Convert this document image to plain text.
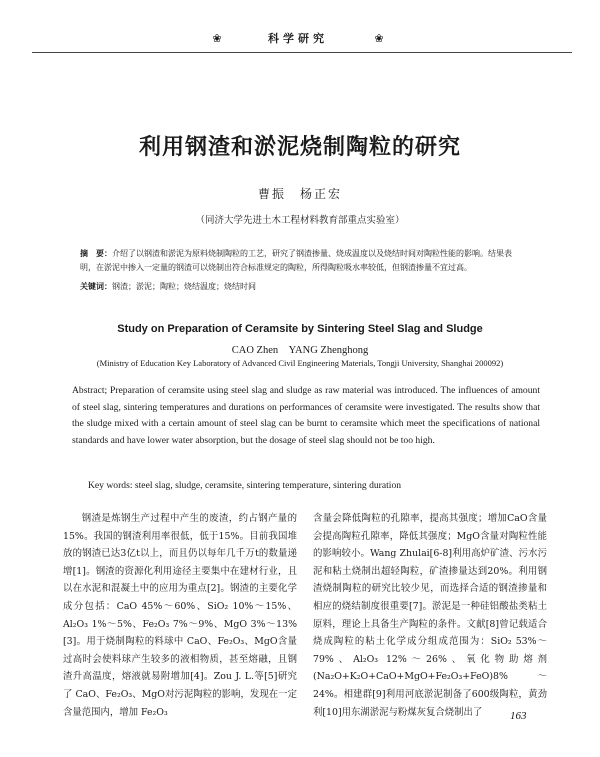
❀	科学研究	❀
利用钢渣和淤泥烧制陶粒的研究
曹振　杨正宏
（同济大学先进土木工程材料教育部重点实验室）

摘　要：介绍了以钢渣和淤泥为原料烧制陶粒的工艺，研究了钢渣掺量、烧成温度以及烧结时间对陶粒性能的影响。结果表明，在淤泥中掺入一定量的钢渣可以烧制出符合标准规定的陶粒，所得陶粒吸水率较低，但钢渣掺量不宜过高。

关键词：钢渣；淤泥；陶粒；烧结温度；烧结时间

Study on Preparation of Ceramsite by Sintering Steel Slag and Sludge
CAO Zhen　YANG Zhenghong
(Ministry of Education Key Laboratory of Advanced Civil Engineering Materials, Tongji University, Shanghai 200092)
Abstract; Preparation of ceramsite using steel slag and sludge as raw material was introduced. The influences of amount of steel slag, sintering temperatures and durations on performances of ceramsite were investigated. The results show that the sludge mixed with a certain amount of steel slag can be burnt to ceramsite which meet the specifications of national standards and have lower water absorption, but the dosage of steel slag should not be too high.
Key words: steel slag, sludge, ceramsite, sintering temperature, sintering duration

钢渣是炼钢生产过程中产生的废渣，约占钢产量的15%。我国的钢渣利用率很低，低于15%。目前我国堆放的钢渣已达3亿t以上，而且仍以每年几千万t的数量递增[1]。钢渣的资源化利用途径主要集中在建材行业，且以在水泥和混凝土中的应用为重点[2]。钢渣的主要化学成分包括：CaO 45%～60%、SiO₂ 10%～15%、Al₂O₃ 1%～5%、Fe₂O₃ 7%～9%、MgO 3%～13%[3]。用于烧制陶粒的料球中 CaO、Fe₂O₃、MgO含量过高时会使料球产生较多的液相物质，甚至熔融，且钢渣升高温度，熔液就易附增加[4]。Zou J. L.等[5]研究了 CaO、Fe₂O₃、MgO对污泥陶粒的影响，发现在一定含量范围内，增加 Fe₂O₃

含量会降低陶粒的孔隙率，提高其强度；增加CaO含量会提高陶粒孔隙率，降低其强度；MgO含量对陶粒性能的影响较小。Wang Zhulai[6-8]利用高炉矿渣、污水污泥和粘土烧制出超轻陶粒，矿渣掺量达到20%。利用钢渣烧制陶粒的研究比较少见，而选择合适的钢渣掺量和相应的烧结制度很重要[7]。淤泥是一种硅铝酸盐类粘土原料，理论上具备生产陶粒的条件。文献[8]曾记载适合烧成陶粒的粘土化学成分组成范围为：SiO₂ 53%～79%、Al₂O₃ 12%～26%、氧化物助熔剂(Na₂O+K₂O+CaO+MgO+Fe₂O₃+FeO)8%～24%。相建群[9]利用河底淤泥制备了600级陶粒，黄劲利[10]用东湖淤泥与粉煤灰复合烧制出了	163
